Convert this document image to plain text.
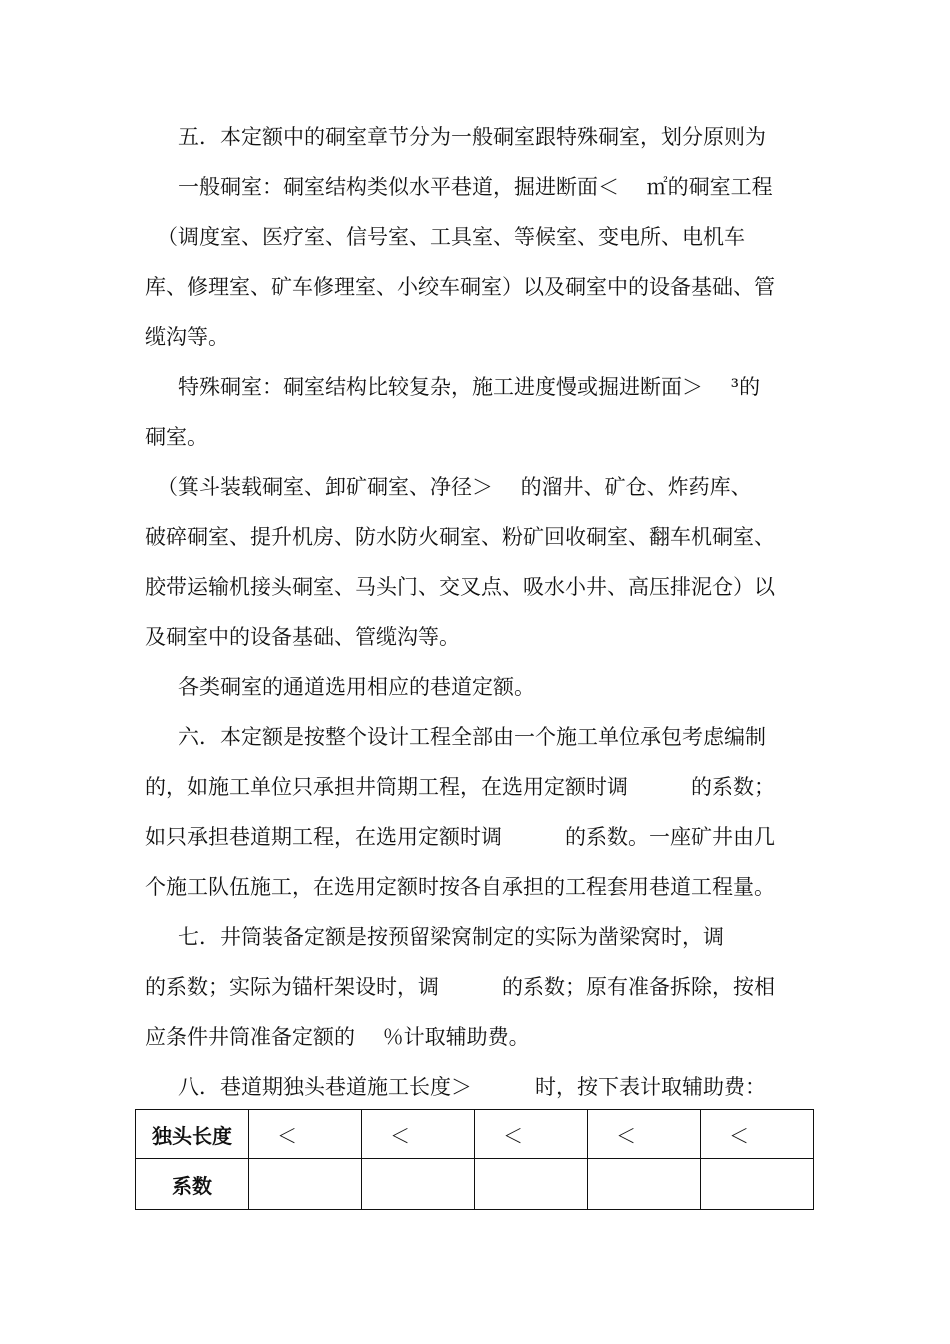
五．本定额中的硐室章节分为一般硐室跟特殊硐室，划分原则为

一般硐室：硐室结构类似水平巷道，掘进断面＜　 ㎡的硐室工程

（调度室、医疗室、信号室、工具室、等候室、变电所、电机车

库、修理室、矿车修理室、小绞车硐室）以及硐室中的设备基础、管

缆沟等。

特殊硐室：硐室结构比较复杂，施工进度慢或掘进断面＞　 ³的

硐室。

（箕斗装载硐室、卸矿硐室、净径＞　 的溜井、矿仓、炸药库、

破碎硐室、提升机房、防水防火硐室、粉矿回收硐室、翻车机硐室、

胶带运输机接头硐室、马头门、交叉点、吸水小井、高压排泥仓）以

及硐室中的设备基础、管缆沟等。

各类硐室的通道选用相应的巷道定额。

六．本定额是按整个设计工程全部由一个施工单位承包考虑编制

的，如施工单位只承担井筒期工程，在选用定额时调　　　的系数；

如只承担巷道期工程，在选用定额时调　　　的系数。一座矿井由几

个施工队伍施工，在选用定额时按各自承担的工程套用巷道工程量。

七．井筒装备定额是按预留梁窝制定的实际为凿梁窝时，调

的系数；实际为锚杆架设时，调　　　的系数；原有准备拆除，按相

应条件井筒准备定额的　 ％计取辅助费。

八．巷道期独头巷道施工长度＞　　　时，按下表计取辅助费：

独头长度	＜	＜	＜	＜	＜
系数					
